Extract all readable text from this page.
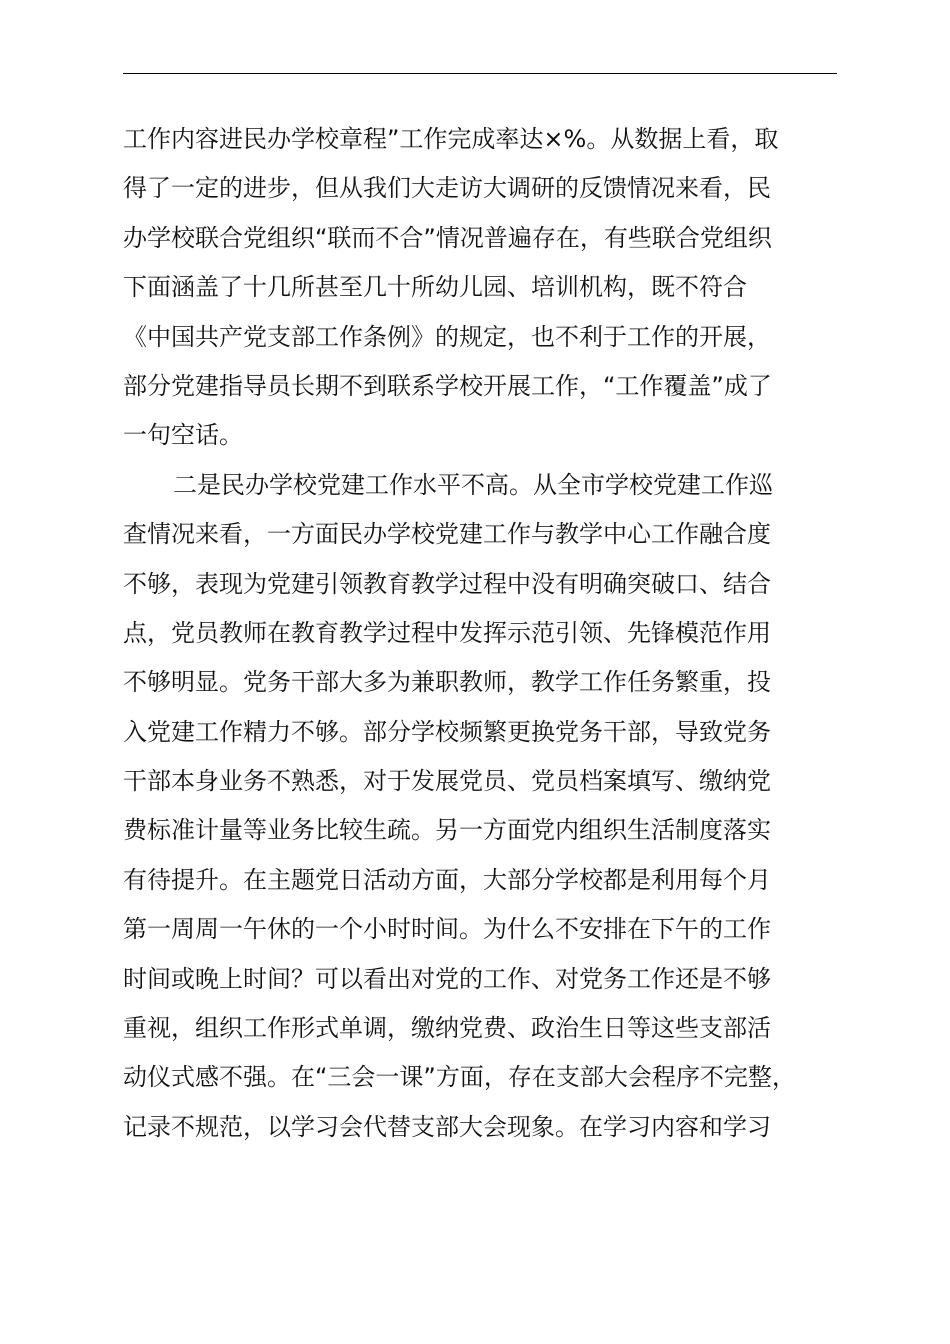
工作内容进民办学校章程”工作完成率达×%。从数据上看，取
得了一定的进步，但从我们大走访大调研的反馈情况来看，民
办学校联合党组织“联而不合”情况普遍存在，有些联合党组织
下面涵盖了十几所甚至几十所幼儿园、培训机构，既不符合
《中国共产党支部工作条例》的规定，也不利于工作的开展，
部分党建指导员长期不到联系学校开展工作，“工作覆盖”成了
一句空话。
二是民办学校党建工作水平不高。从全市学校党建工作巡
查情况来看，一方面民办学校党建工作与教学中心工作融合度
不够，表现为党建引领教育教学过程中没有明确突破口、结合
点，党员教师在教育教学过程中发挥示范引领、先锋模范作用
不够明显。党务干部大多为兼职教师，教学工作任务繁重，投
入党建工作精力不够。部分学校频繁更换党务干部，导致党务
干部本身业务不熟悉，对于发展党员、党员档案填写、缴纳党
费标准计量等业务比较生疏。另一方面党内组织生活制度落实
有待提升。在主题党日活动方面，大部分学校都是利用每个月
第一周周一午休的一个小时时间。为什么不安排在下午的工作
时间或晚上时间？可以看出对党的工作、对党务工作还是不够
重视，组织工作形式单调，缴纳党费、政治生日等这些支部活
动仪式感不强。在“三会一课”方面，存在支部大会程序不完整，
记录不规范，以学习会代替支部大会现象。在学习内容和学习
